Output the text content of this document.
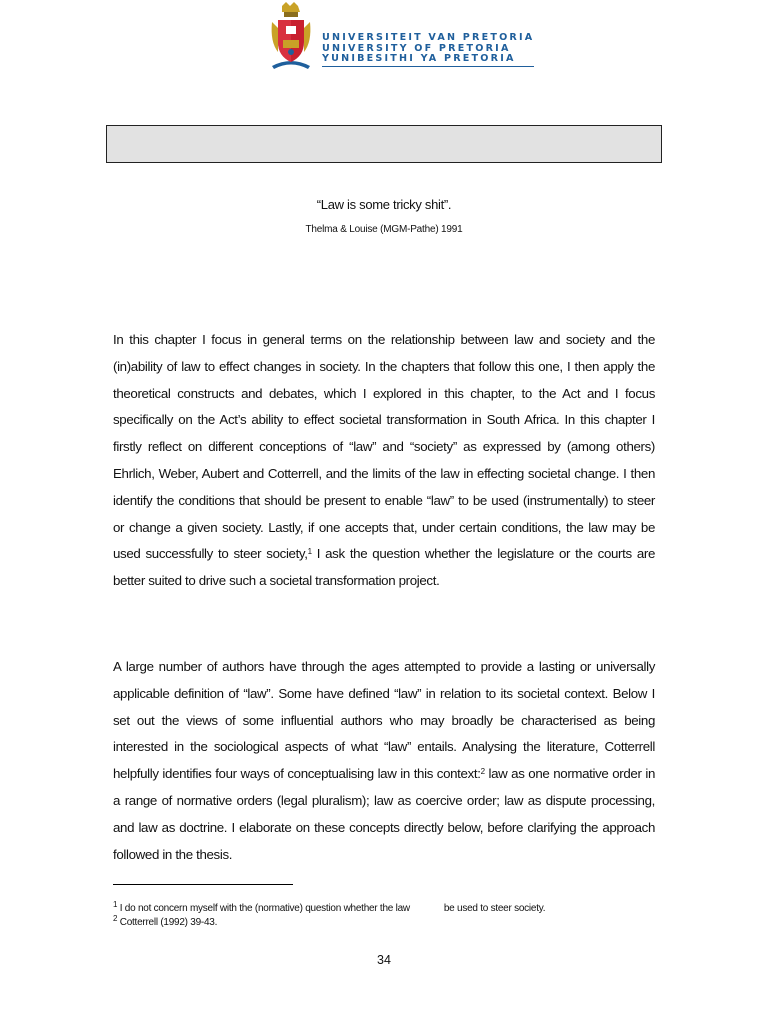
UNIVERSITEIT VAN PRETORIA
UNIVERSITY OF PRETORIA
YUNIBESITHI YA PRETORIA
“Law is some tricky shit”.
Thelma & Louise (MGM-Pathe) 1991

In this chapter I focus in general terms on the relationship between law and society and the (in)ability of law to effect changes in society. In the chapters that follow this one, I then apply the theoretical constructs and debates, which I explored in this chapter, to the Act and I focus specifically on the Act’s ability to effect societal transformation in South Africa. In this chapter I firstly reflect on different conceptions of “law” and “society” as expressed by (among others) Ehrlich, Weber, Aubert and Cotterrell, and the limits of the law in effecting societal change. I then identify the conditions that should be present to enable “law” to be used (instrumentally) to steer or change a given society. Lastly, if one accepts that, under certain conditions, the law may be used successfully to steer society,$^1$ I ask the question whether the legislature or the courts are better suited to drive such a societal transformation project.

A large number of authors have through the ages attempted to provide a lasting or universally applicable definition of “law”. Some have defined “law” in relation to its societal context. Below I set out the views of some influential authors who may broadly be characterised as being interested in the sociological aspects of what “law” entails. Analysing the literature, Cotterrell helpfully identifies four ways of conceptualising law in this context:$^2$ law as one normative order in a range of normative orders (legal pluralism); law as coercive order; law as dispute processing, and law as doctrine. I elaborate on these concepts directly below, before clarifying the approach followed in the thesis.

$^1$ I do not concern myself with the (normative) question whether the law	be used to steer society.
$^2$ Cotterrell (1992) 39-43.
34
